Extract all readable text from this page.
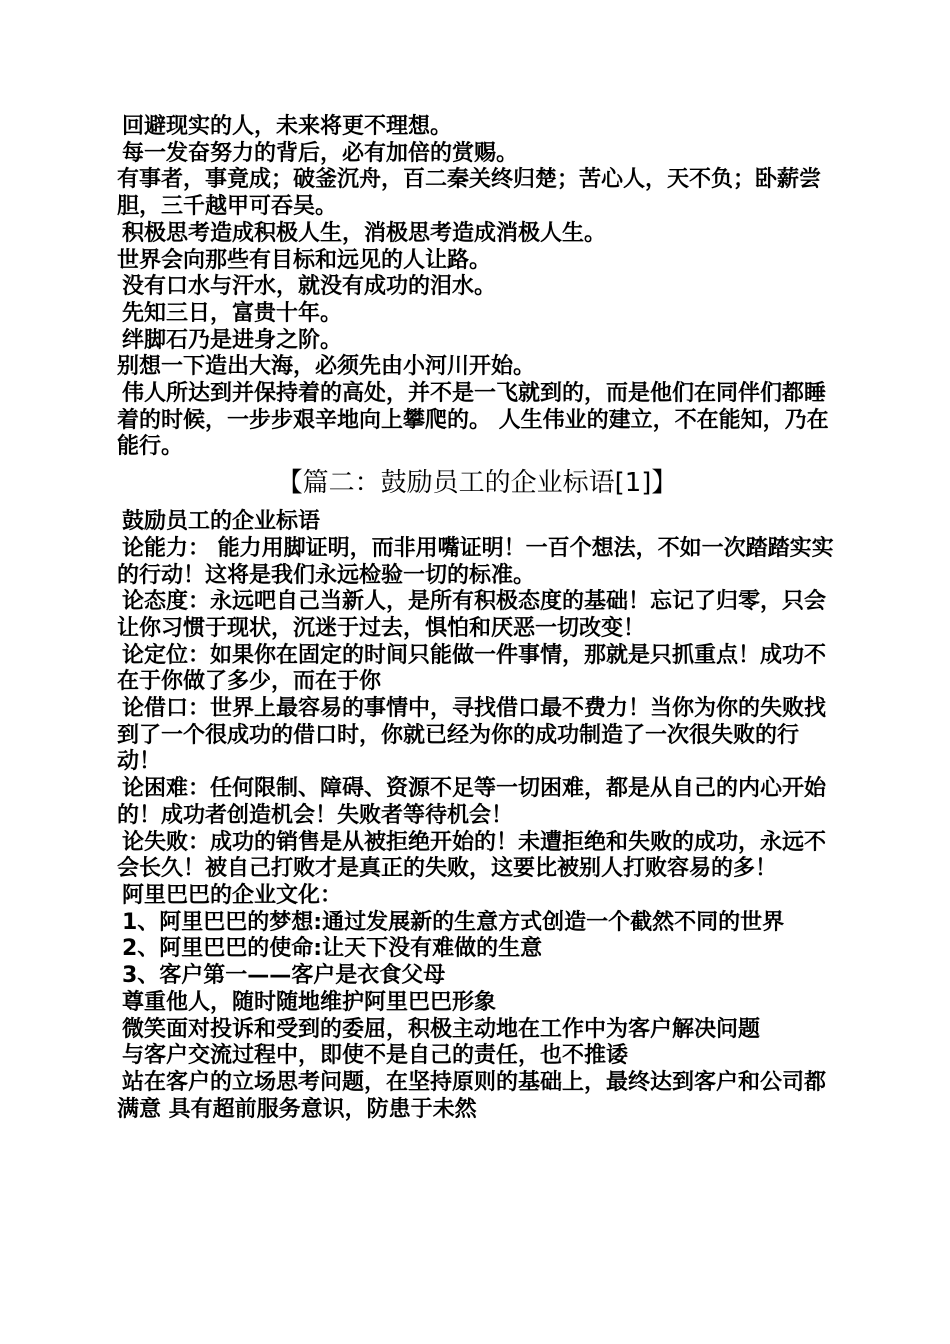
回避现实的人，未来将更不理想。

每一发奋努力的背后，必有加倍的赏赐。

有事者，事竟成；破釜沉舟，百二秦关终归楚；苦心人，天不负；卧薪尝胆，三千越甲可吞吴。

积极思考造成积极人生，消极思考造成消极人生。

世界会向那些有目标和远见的人让路。

没有口水与汗水，就没有成功的泪水。

先知三日，富贵十年。

绊脚石乃是进身之阶。

别想一下造出大海，必须先由小河川开始。

伟人所达到并保持着的高处，并不是一飞就到的，而是他们在同伴们都睡着的时候，一步步艰辛地向上攀爬的。 人生伟业的建立，不在能知，乃在能行。

【篇二：鼓励员工的企业标语[1]】

鼓励员工的企业标语

论能力： 能力用脚证明，而非用嘴证明！一百个想法，不如一次踏踏实实的行动！这将是我们永远检验一切的标准。

论态度：永远吧自己当新人，是所有积极态度的基础！忘记了归零，只会让你习惯于现状，沉迷于过去，惧怕和厌恶一切改变！

论定位：如果你在固定的时间只能做一件事情，那就是只抓重点！成功不在于你做了多少，而在于你

论借口：世界上最容易的事情中，寻找借口最不费力！当你为你的失败找到了一个很成功的借口时，你就已经为你的成功制造了一次很失败的行动！

论困难：任何限制、障碍、资源不足等一切困难，都是从自己的内心开始的！成功者创造机会！失败者等待机会！

论失败：成功的销售是从被拒绝开始的！未遭拒绝和失败的成功，永远不会长久！被自己打败才是真正的失败，这要比被别人打败容易的多！

阿里巴巴的企业文化：

1、阿里巴巴的梦想:通过发展新的生意方式创造一个截然不同的世界

2、阿里巴巴的使命:让天下没有难做的生意

3、客户第一——客户是衣食父母

尊重他人，随时随地维护阿里巴巴形象

微笑面对投诉和受到的委屈，积极主动地在工作中为客户解决问题

与客户交流过程中，即使不是自己的责任，也不推诿

站在客户的立场思考问题，在坚持原则的基础上，最终达到客户和公司都满意 具有超前服务意识，防患于未然
